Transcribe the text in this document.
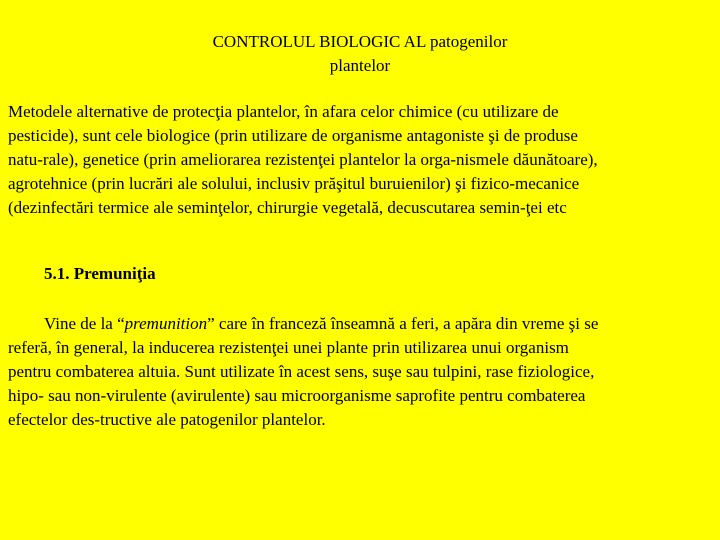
CONTROLUL BIOLOGIC AL patogenilor
plantelor

Metodele alternative de protecţia plantelor, în afara celor chimice (cu utilizare de
pesticide), sunt cele biologice (prin utilizare de organisme antagoniste şi de produse
natu-rale), genetice (prin ameliorarea rezistenţei plantelor la orga-nismele dăunătoare),
agrotehnice (prin lucrări ale solului, inclusiv prăşitul buruienilor) şi fizico-mecanice
(dezinfectări termice ale seminţelor, chirurgie vegetală, decuscutarea semin-ţei etc

5.1. Premuniţia

Vine de la “premunition” care în franceză înseamnă a feri, a apăra din vreme şi se
referă, în general, la inducerea rezistenţei unei plante prin utilizarea unui organism
pentru combaterea altuia. Sunt utilizate în acest sens, suşe sau tulpini, rase fiziologice,
hipo- sau non-virulente (avirulente) sau microorganisme saprofite pentru combaterea
efectelor des-tructive ale patogenilor plantelor.
